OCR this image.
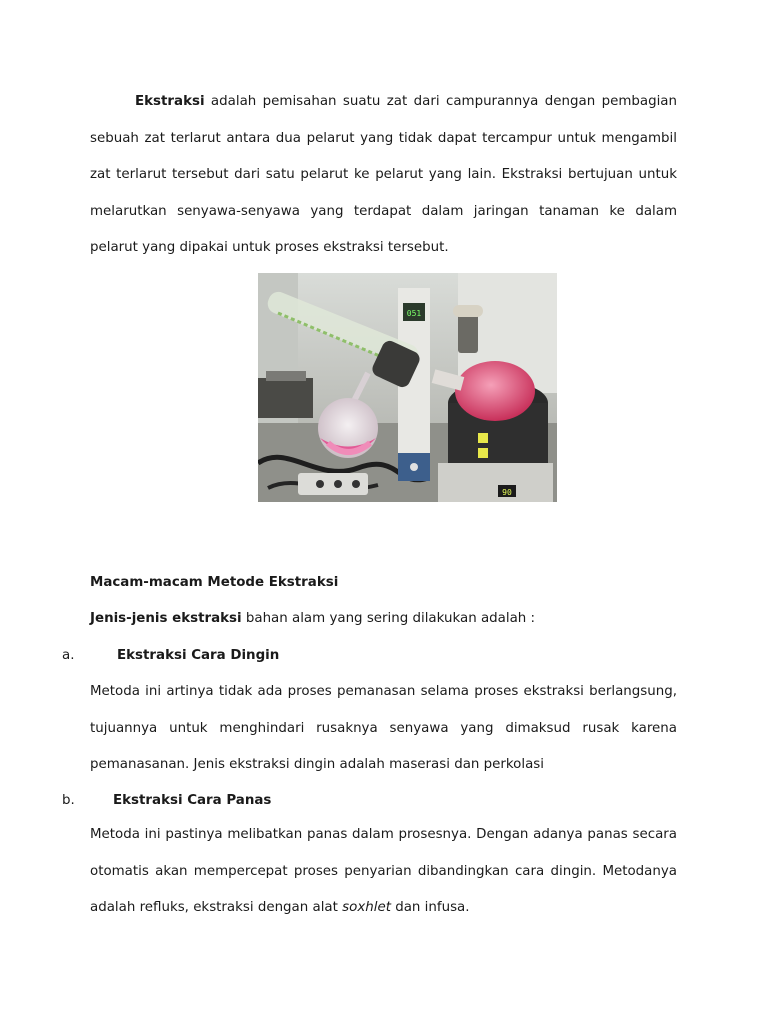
Ekstraksi adalah pemisahan suatu zat dari campurannya dengan pembagian sebuah zat terlarut antara dua pelarut yang tidak dapat tercampur untuk mengambil zat terlarut tersebut dari satu pelarut ke pelarut yang lain. Ekstraksi bertujuan untuk melarutkan senyawa-senyawa yang terdapat dalam jaringan tanaman ke dalam pelarut yang dipakai untuk proses ekstraksi tersebut.

051
90

Macam-macam Metode Ekstraksi

Jenis-jenis ekstraksi bahan alam yang sering dilakukan adalah :

a.	Ekstraksi Cara Dingin

Metoda ini artinya tidak ada proses pemanasan selama proses ekstraksi berlangsung, tujuannya untuk menghindari rusaknya senyawa yang dimaksud rusak karena pemanasanan. Jenis ekstraksi dingin adalah maserasi dan perkolasi

b.	Ekstraksi Cara Panas

Metoda ini pastinya melibatkan panas dalam prosesnya. Dengan adanya panas secara otomatis akan mempercepat proses penyarian dibandingkan cara dingin. Metodanya adalah refluks, ekstraksi dengan alat soxhlet dan infusa.
